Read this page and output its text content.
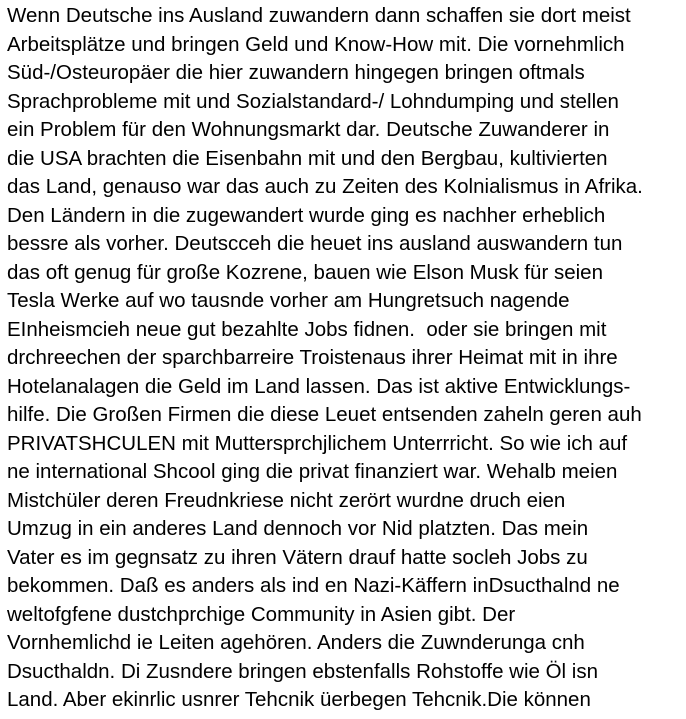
Wenn Deutsche ins Ausland zuwandern dann schaffen sie dort meist
Arbeitsplätze und bringen Geld und Know-How mit. Die vornehmlich
Süd-/Osteuropäer die hier zuwandern hingegen bringen oftmals
Sprachprobleme mit und Sozialstandard-/ Lohndumping und stellen
ein Problem für den Wohnungsmarkt dar. Deutsche Zuwanderer in
die USA brachten die Eisenbahn mit und den Bergbau, kultivierten
das Land, genauso war das auch zu Zeiten des Kolnialismus in Afrika.
Den Ländern in die zugewandert wurde ging es nachher erheblich
bessre als vorher. Deutscceh die heuet ins ausland auswandern tun
das oft genug für große Kozrene, bauen wie Elson Musk für seien
Tesla Werke auf wo tausnde vorher am Hungretsuch nagende
EInheismcieh neue gut bezahlte Jobs fidnen.  oder sie bringen mit
drchreechen der sparchbarreire Troistenaus ihrer Heimat mit in ihre
Hotelanalagen die Geld im Land lassen. Das ist aktive Entwicklungs-
hilfe. Die Großen Firmen die diese Leuet entsenden zaheln geren auh
PRIVATSHCULEN mit Muttersprchjlichem Unterrricht. So wie ich auf
ne international Shcool ging die privat finanziert war. Wehalb meien
Mistchüler deren Freudnkriese nicht zerört wurdne druch eien
Umzug in ein anderes Land dennoch vor Nid platzten. Das mein
Vater es im gegnsatz zu ihren Vätern drauf hatte socleh Jobs zu
bekommen. Daß es anders als ind en Nazi-Käffern inDsucthalnd ne
weltofgfene dustchprchige Community in Asien gibt. Der
Vornhemlichd ie Leiten agehören. Anders die Zuwnderunga cnh
Dsucthaldn. Di Zusndere bringen ebstenfalls Rohstoffe wie Öl isn
Land. Aber ekinrlic usnrer Tehcnik üerbegen Tehcnik.Die können
